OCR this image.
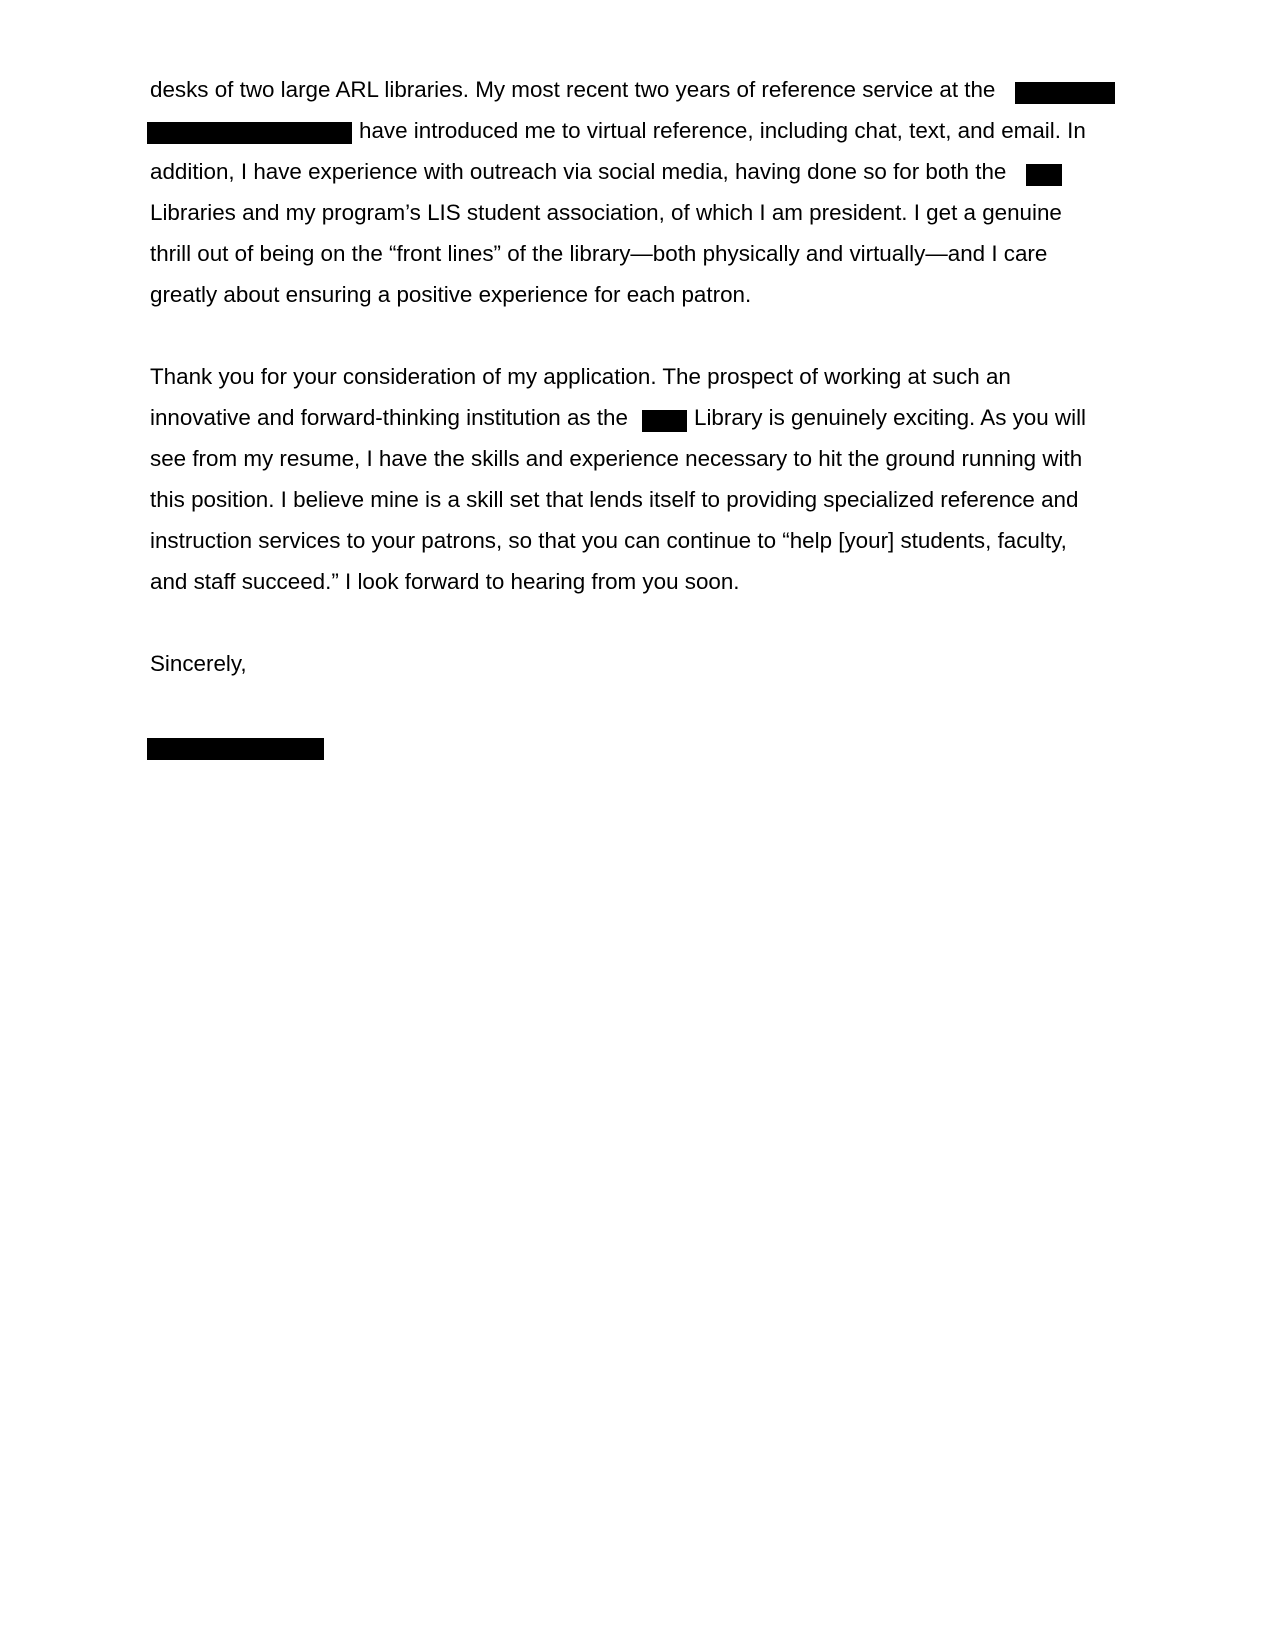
desks of two large ARL libraries. My most recent two years of reference service at the
have introduced me to virtual reference, including chat, text, and email. In
addition, I have experience with outreach via social media, having done so for both the
Libraries and my program’s LIS student association, of which I am president. I get a genuine
thrill out of being on the “front lines” of the library—both physically and virtually—and I care
greatly about ensuring a positive experience for each patron.
Thank you for your consideration of my application. The prospect of working at such an
innovative and forward-thinking institution as the	Library is genuinely exciting. As you will
see from my resume, I have the skills and experience necessary to hit the ground running with
this position. I believe mine is a skill set that lends itself to providing specialized reference and
instruction services to your patrons, so that you can continue to “help [your] students, faculty,
and staff succeed.” I look forward to hearing from you soon.
Sincerely,
